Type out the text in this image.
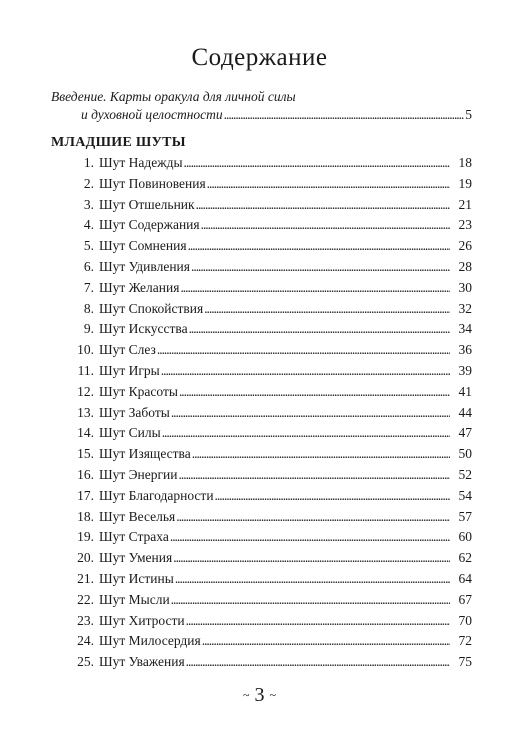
Содержание
Введение. Карты оракула для личной силы
и духовной целостности . . .	5
МЛАДШИЕ ШУТЫ
1. Шут Надежды . . .	18
2. Шут Повиновения . . .	19
3. Шут Отшельник . . .	21
4. Шут Содержания . . .	23
5. Шут Сомнения . . .	26
6. Шут Удивления . . .	28
7. Шут Желания . . .	30
8. Шут Спокойствия . . .	32
9. Шут Искусства . . .	34
10. Шут Слез . . .	36
11. Шут Игры . . .	39
12. Шут Красоты . . .	41
13. Шут Заботы . . .	44
14. Шут Силы . . .	47
15. Шут Изящества . . .	50
16. Шут Энергии . . .	52
17. Шут Благодарности . . .	54
18. Шут Веселья . . .	57
19. Шут Страха . . .	60
20. Шут Умения . . .	62
21. Шут Истины . . .	64
22. Шут Мысли . . .	67
23. Шут Хитрости . . .	70
24. Шут Милосердия . . .	72
25. Шут Уважения . . .	75
~ 3 ~
